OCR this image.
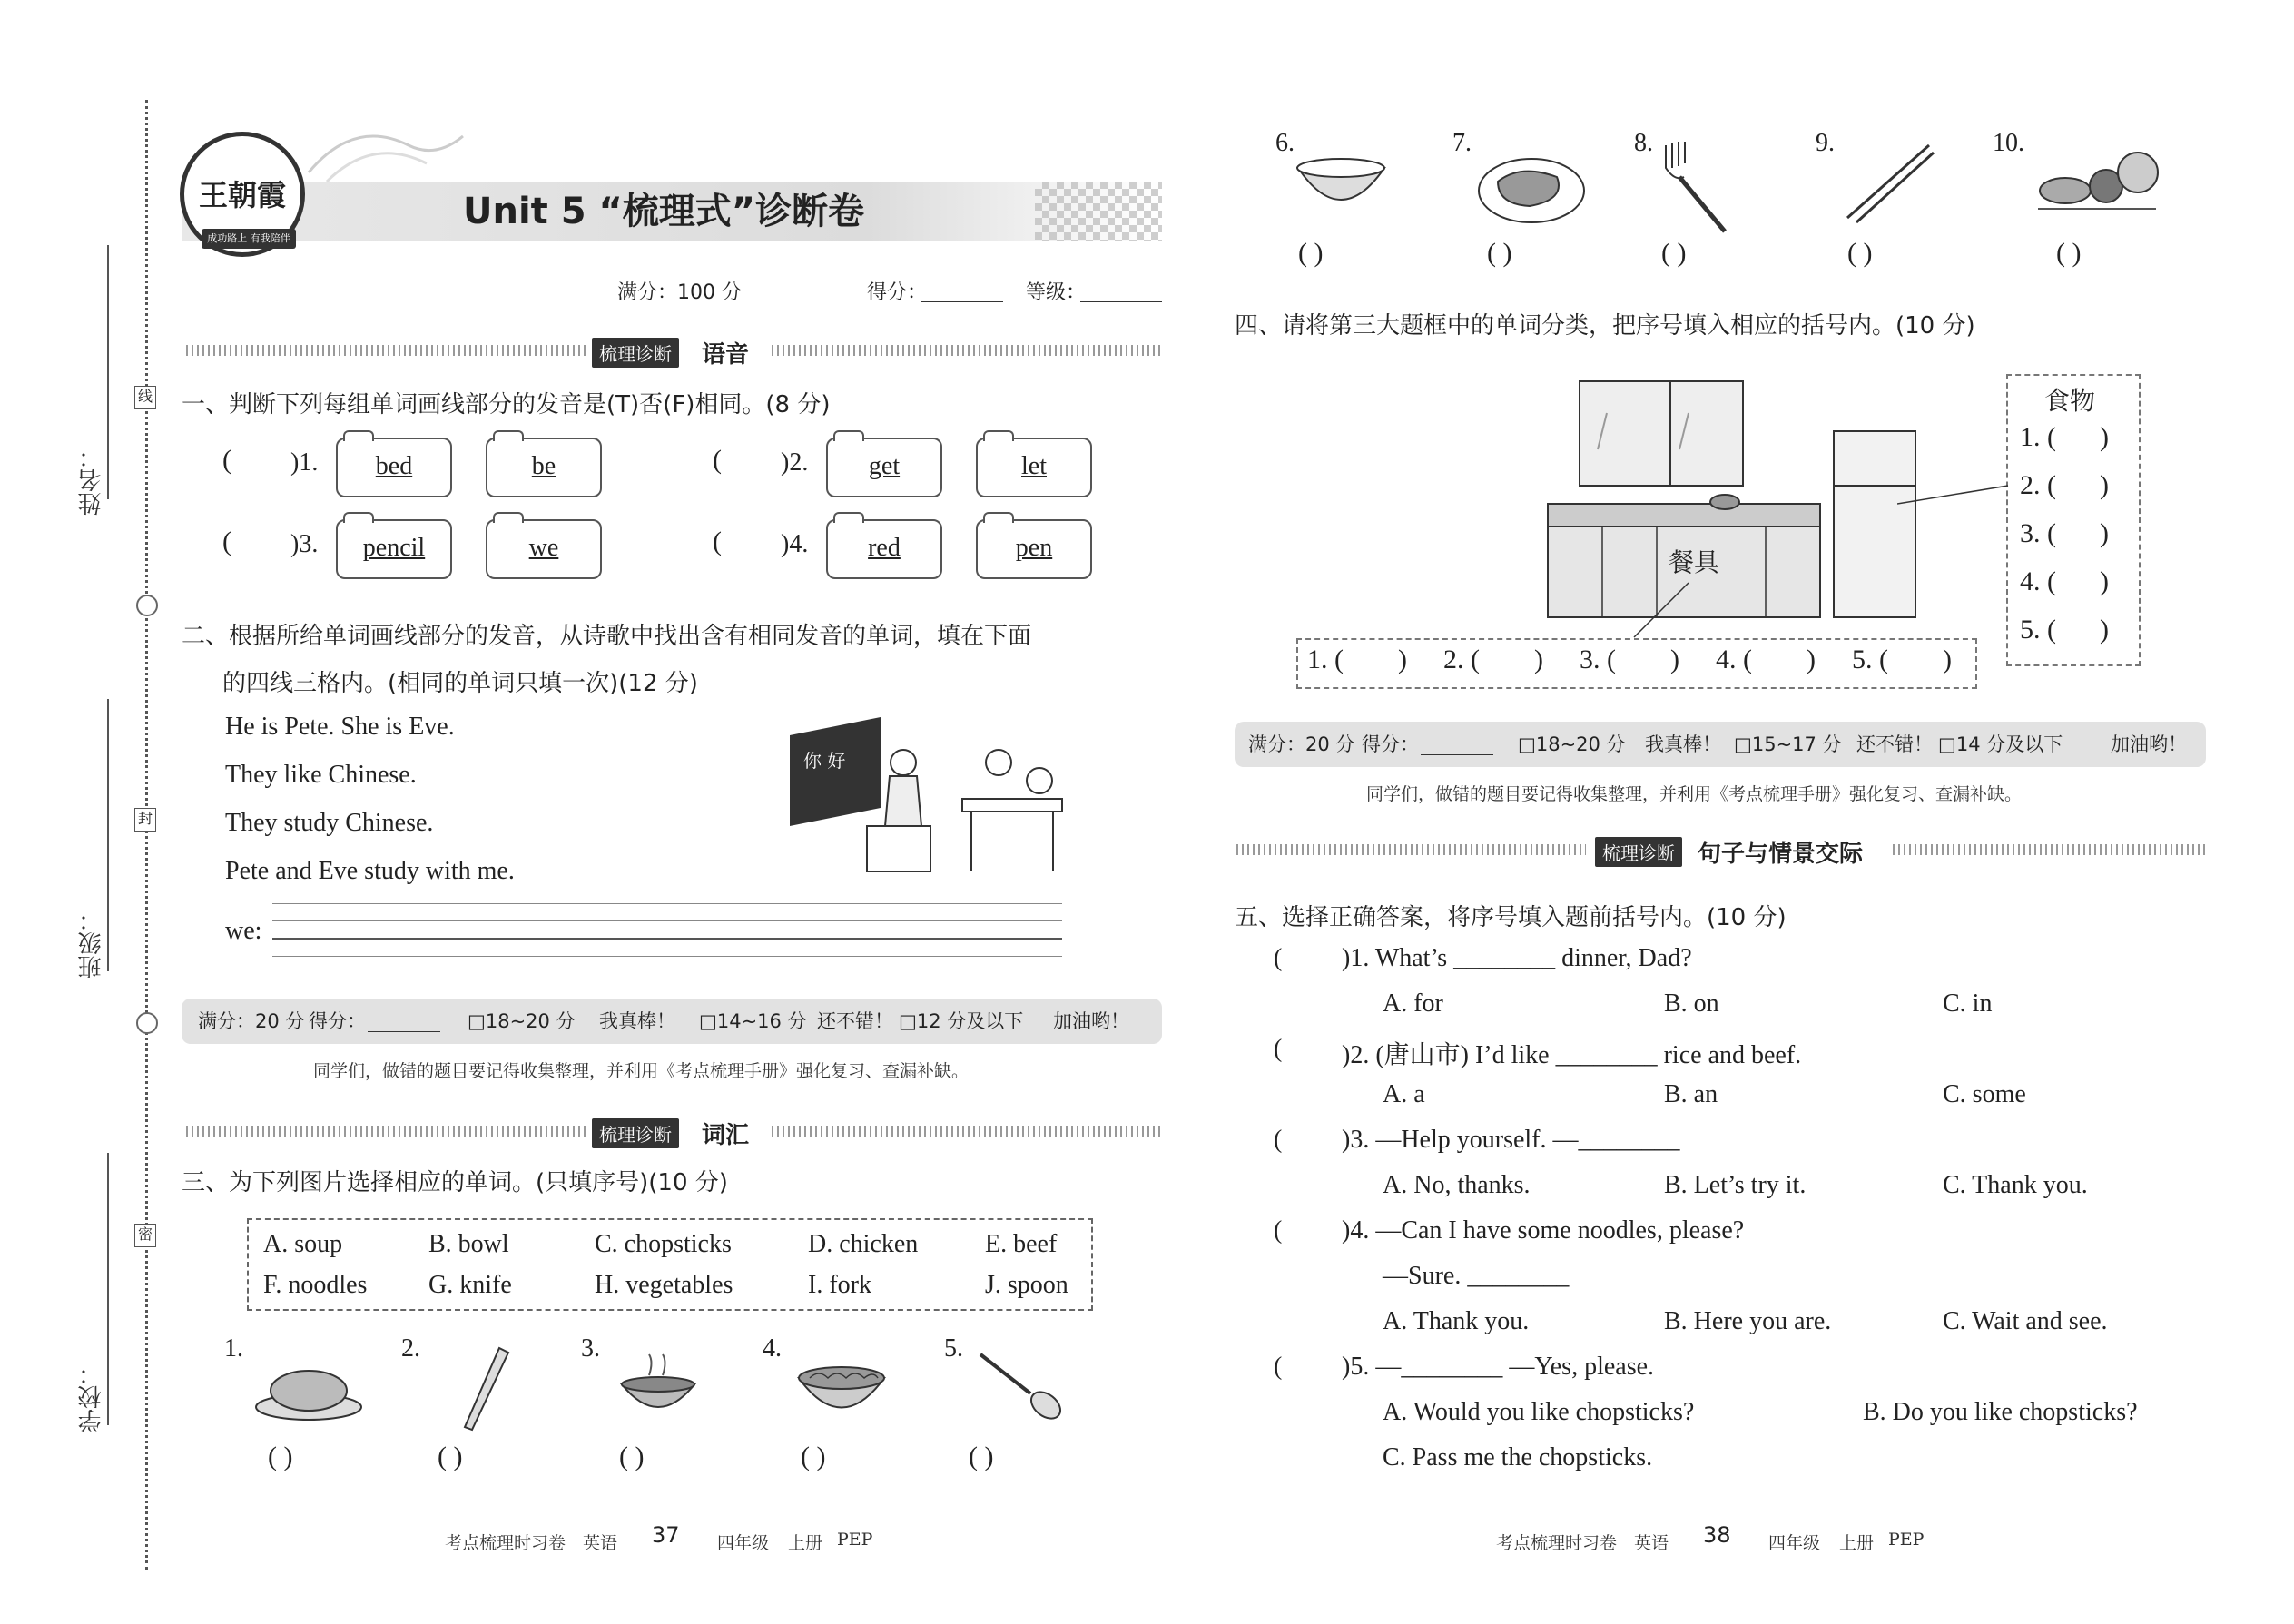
姓名：
班级：
学校：
线
封
密
王朝霞
成功路上 有我陪伴
Unit 5 “梳理式”诊断卷
满分：100 分	得分：	等级：
梳理诊断	语音
一、判断下列每组单词画线部分的发音是(T)否(F)相同。(8 分)
( )1.	bed	be	( )2.	get	let
( )3.	pencil	we	( )4.	red	pen
二、根据所给单词画线部分的发音，从诗歌中找出含有相同发音的单词，填在下面
的四线三格内。(相同的单词只填一次)(12 分)
He is Pete. She is Eve.
They like Chinese.
They study Chinese.
Pete and Eve study with me.
你 好
we:
满分：20 分 得分：	□18~20 分 我真棒！ □14~16 分 还不错！ □12 分及以下 加油哟！
同学们，做错的题目要记得收集整理，并利用《考点梳理手册》强化复习、查漏补缺。
梳理诊断	词汇
三、为下列图片选择相应的单词。(只填序号)(10 分)
A. soup	B. bowl	C. chopsticks	D. chicken	E. beef
F. noodles G. knife	H. vegetables	I. fork	J. spoon
1.
( )
2.
( )
3.
( )
4.
( )
5.
( )
考点梳理时习卷 英语 37 四年级 上册 PEP
6.
( )
7.
( )
8.
( )
9.
( )
10.
( )
四、请将第三大题框中的单词分类，把序号填入相应的括号内。(10 分)
餐具
食物
1. ( )
2. ( )
3. ( )
4. ( )
5. ( )
1. ( ) 2. ( ) 3. ( ) 4. ( ) 5. ( )
满分：20 分 得分：	□18~20 分 我真棒！ □15~17 分 还不错！ □14 分及以下	加油哟！
同学们，做错的题目要记得收集整理，并利用《考点梳理手册》强化复习、查漏补缺。
梳理诊断 句子与情景交际
五、选择正确答案，将序号填入题前括号内。(10 分)
( )1. What’s ________ dinner, Dad?
A. for	B. on	C. in
( )2. (唐山市) I’d like ________ rice and beef.
A. a	B. an	C. some
( )3. —Help yourself. —________
A. No, thanks.	B. Let’s try it.	C. Thank you.
( )4. —Can I have some noodles, please?
—Sure. ________
A. Thank you.	B. Here you are.	C. Wait and see.
( )5. —________ —Yes, please.
A. Would you like chopsticks?	B. Do you like chopsticks?
C. Pass me the chopsticks.
考点梳理时习卷 英语 38 四年级 上册 PEP
